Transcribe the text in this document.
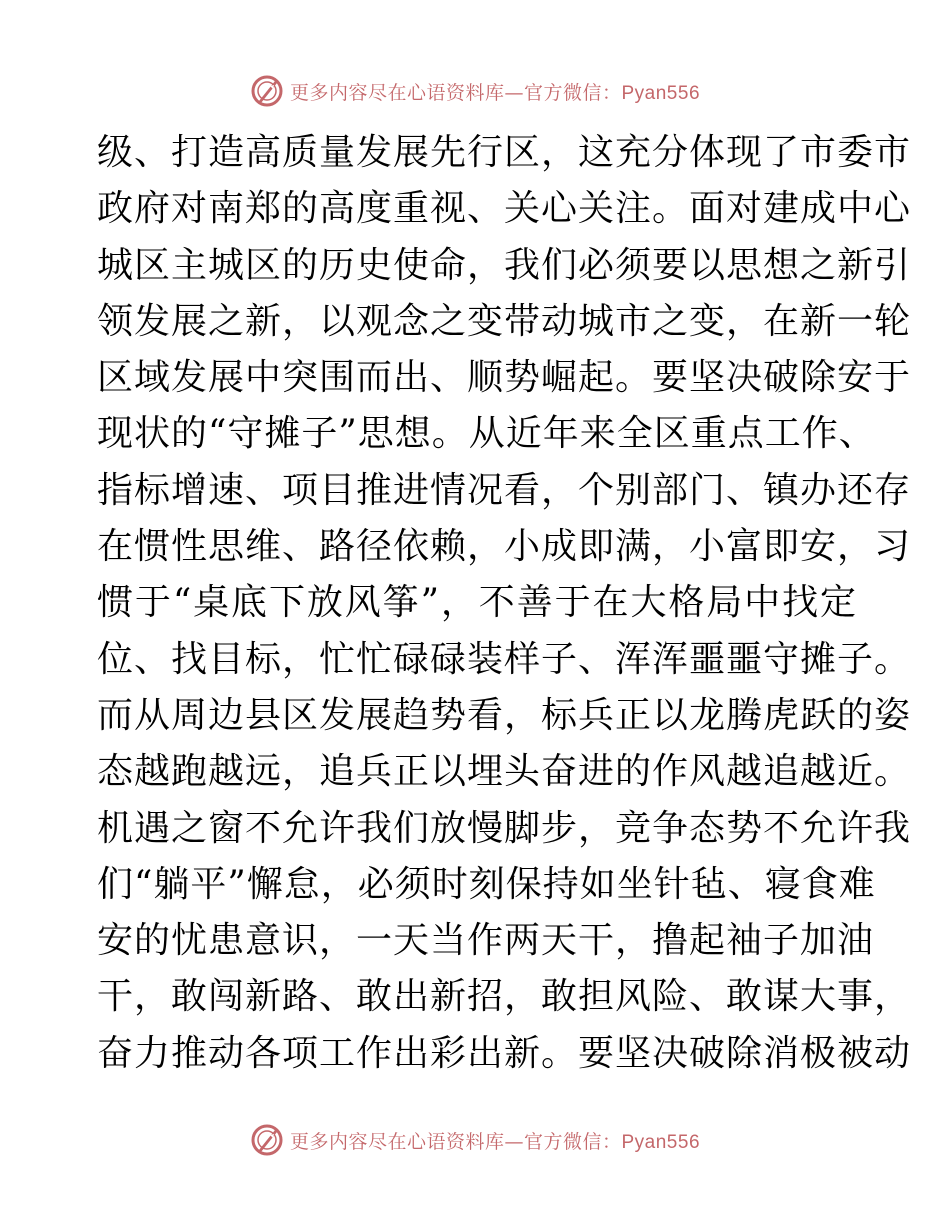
更多内容尽在心语资料库—官方微信：Pyan556
级、打造高质量发展先行区，这充分体现了市委市
政府对南郑的高度重视、关心关注。面对建成中心
城区主城区的历史使命，我们必须要以思想之新引
领发展之新，以观念之变带动城市之变，在新一轮
区域发展中突围而出、顺势崛起。要坚决破除安于
现状的“守摊子”思想。从近年来全区重点工作、
指标增速、项目推进情况看，个别部门、镇办还存
在惯性思维、路径依赖，小成即满，小富即安，习
惯于“桌底下放风筝”，不善于在大格局中找定
位、找目标，忙忙碌碌装样子、浑浑噩噩守摊子。
而从周边县区发展趋势看，标兵正以龙腾虎跃的姿
态越跑越远，追兵正以埋头奋进的作风越追越近。
机遇之窗不允许我们放慢脚步，竞争态势不允许我
们“躺平”懈怠，必须时刻保持如坐针毡、寝食难
安的忧患意识，一天当作两天干，撸起袖子加油
干，敢闯新路、敢出新招，敢担风险、敢谋大事，
奋力推动各项工作出彩出新。要坚决破除消极被动
更多内容尽在心语资料库—官方微信：Pyan556
